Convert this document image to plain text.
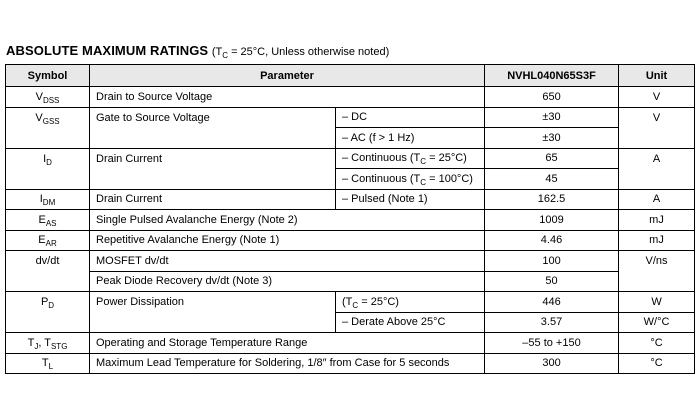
ABSOLUTE MAXIMUM RATINGS ($T_C = 25^\circ C$, Unless otherwise noted)
Symbol	Parameter		NVHL040N65S3F	Unit
$V_{DSS}$	Drain to Source Voltage		650	V
$V_{GSS}$	Gate to Source Voltage	– DC	±30	V
		– AC (f > 1 Hz)	±30	
$I_D$	Drain Current	– Continuous $(T_C = 25^\circ C)$	65	A
		– Continuous $(T_C = 100^\circ C)$	45	
$I_{DM}$	Drain Current	– Pulsed (Note 1)	162.5	A
$E_{AS}$	Single Pulsed Avalanche Energy (Note 2)		1009	mJ
$E_{AR}$	Repetitive Avalanche Energy (Note 1)		4.46	mJ
dv/dt	MOSFET dv/dt		100	V/ns
	Peak Diode Recovery dv/dt (Note 3)		50	
$P_D$	Power Dissipation	$(T_C = 25^\circ C)$	446	W
		– Derate Above 25°C	3.57	W/°C
$T_J$, $T_{STG}$	Operating and Storage Temperature Range		–55 to +150	°C
$T_L$	Maximum Lead Temperature for Soldering, 1/8″ from Case for 5 seconds		300	°C
